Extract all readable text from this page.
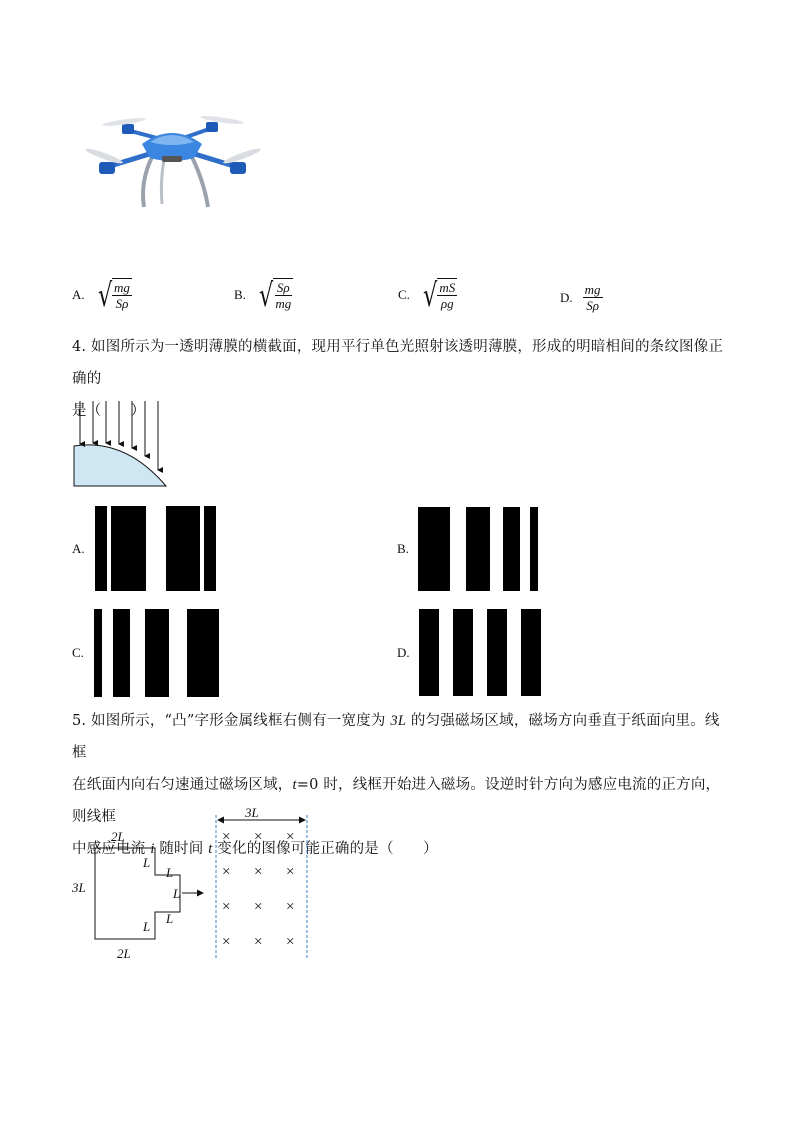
A. √ $\frac{mg}{S\rho}$	B. √ $\frac{S\rho}{mg}$	C. √ $\frac{mS}{\rho g}$	D. $\frac{mg}{S\rho}$
4. 如图所示为一透明薄膜的横截面，现用平行单色光照射该透明薄膜，形成的明暗相间的条纹图像正确的
是（　　）
A.	B.
C.	D.
5. 如图所示，“凸”字形金属线框右侧有一宽度为 3L 的匀强磁场区域，磁场方向垂直于纸面向里。线框
在纸面内向右匀速通过磁场区域，t=0 时，线框开始进入磁场。设逆时针方向为感应电流的正方向，则线框
中感应电流 i 随时间 t 变化的图像可能正确的是（　　）
3L
2L
3L
2L
L
L
L
L
L
× × ×
× × ×
× × ×
× × ×
